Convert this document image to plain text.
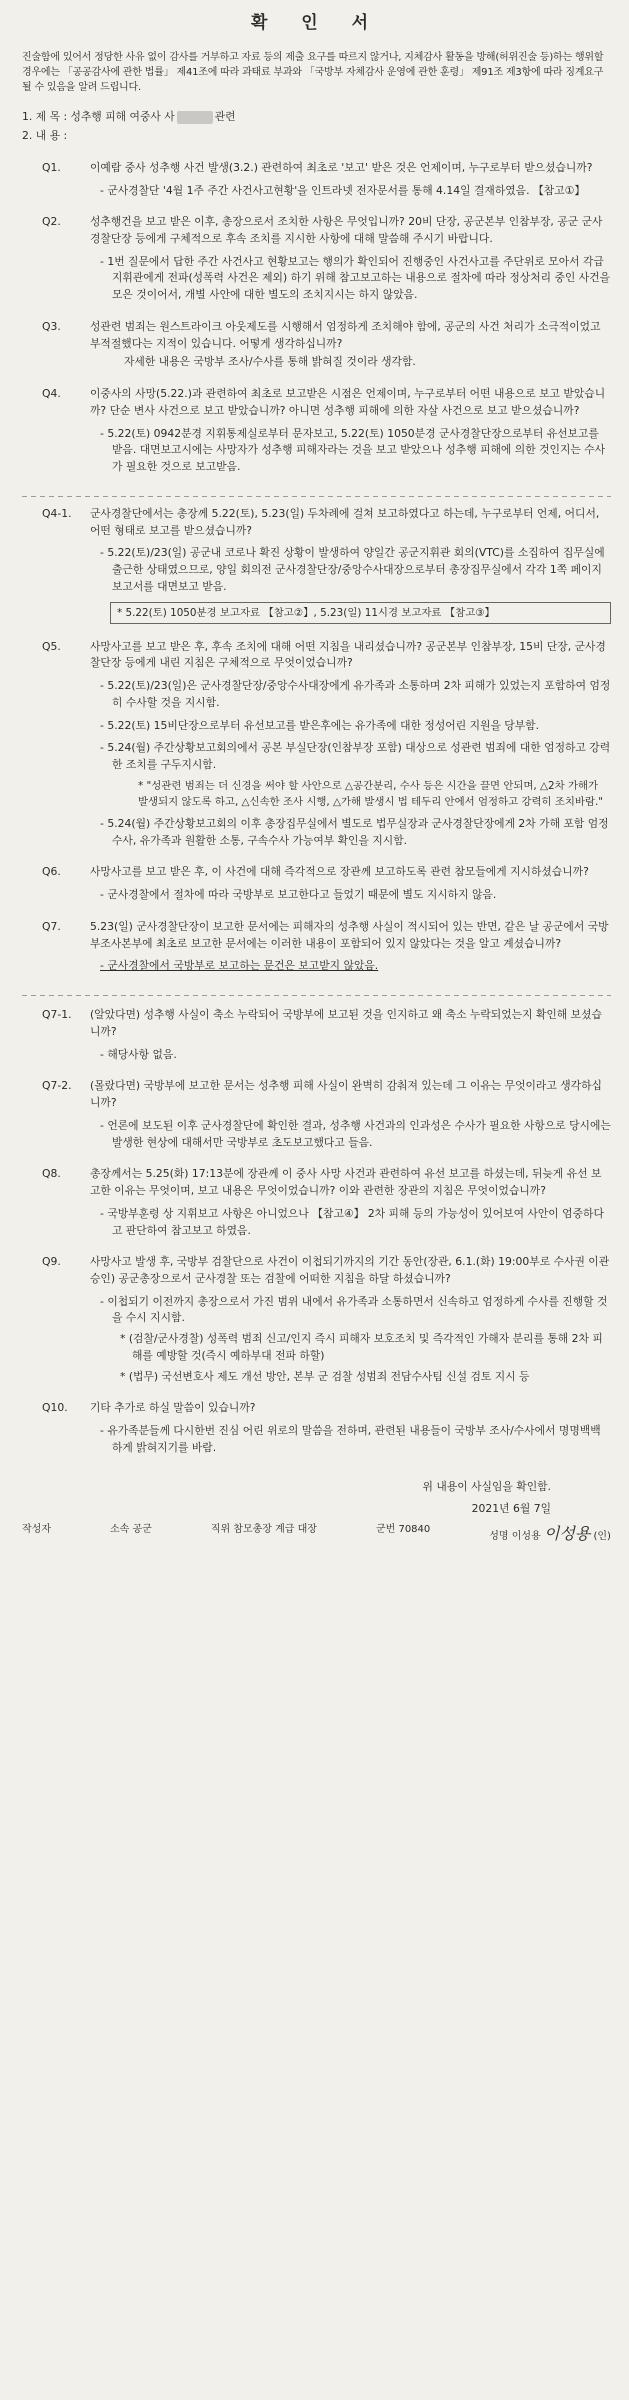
확 인 서
진술함에 있어서 정당한 사유 없이 감사를 거부하고 자료 등의 제출 요구를 따르지 않거나, 지체감사 활동을 방해(허위진술 등)하는 행위할 경우에는 「공공감사에 관한 법률」 제41조에 따라 과태료 부과와 「국방부 자체감사 운영에 관한 훈령」 제91조 제3항에 따라 징계요구될 수 있음을 알려 드립니다.
1. 제 목 : 성추행 피해 여중사 사	관련
2. 내 용 :
Q1.	이예람 중사 성추행 사건 발생(3.2.) 관련하여 최초로 '보고' 받은 것은 언제이며, 누구로부터 받으셨습니까?
- 군사경찰단 '4월 1주 주간 사건사고현황'을 인트라넷 전자문서를 통해 4.14일 결재하였음. 【참고①】
Q2.	성추행건을 보고 받은 이후, 총장으로서 조치한 사항은 무엇입니까? 20비 단장, 공군본부 인참부장, 공군 군사경찰단장 등에게 구체적으로 후속 조치를 지시한 사항에 대해 말씀해 주시기 바랍니다.
- 1번 질문에서 답한 주간 사건사고 현황보고는 행의가 확인되어 진행중인 사건사고를 주단위로 모아서 각급지휘관에게 전파(성폭력 사건은 제외) 하기 위해 참고보고하는 내용으로 절차에 따라 정상처리 중인 사건을 모은 것이어서, 개별 사안에 대한 별도의 조치지시는 하지 않았음.
Q3.	성관련 범죄는 원스트라이크 아웃제도를 시행해서 엄정하게 조치해야 함에, 공군의 사건 처리가 소극적이었고 부적절했다는 지적이 있습니다. 어떻게 생각하십니까?
자세한 내용은 국방부 조사/수사를 통해 밝혀질 것이라 생각함.
Q4.	이중사의 사망(5.22.)과 관련하여 최초로 보고받은 시점은 언제이며, 누구로부터 어떤 내용으로 보고 받았습니까? 단순 변사 사건으로 보고 받았습니까? 아니면 성추행 피해에 의한 자살 사건으로 보고 받으셨습니까?
- 5.22(토) 0942분경 지휘통제실로부터 문자보고, 5.22(토) 1050분경 군사경찰단장으로부터 유선보고를 받음. 대면보고시에는 사망자가 성추행 피해자라는 것을 보고 받았으나 성추행 피해에 의한 것인지는 수사가 필요한 것으로 보고받음.
Q4-1.	군사경찰단에서는 총장께 5.22(토), 5.23(일) 두차례에 걸쳐 보고하였다고 하는데, 누구로부터 언제, 어디서, 어떤 형태로 보고를 받으셨습니까?
- 5.22(토)/23(일) 공군내 코로나 확진 상황이 발생하여 양일간 공군지휘관 회의(VTC)를 소집하여 집무실에 출근한 상태였으므로, 양일 회의전 군사경찰단장/중앙수사대장으로부터 총장집무실에서 각각 1쪽 페이지 보고서를 대면보고 받음.
* 5.22(토) 1050분경 보고자료 【참고②】, 5.23(일) 11시경 보고자료 【참고③】
Q5.	사망사고를 보고 받은 후, 후속 조치에 대해 어떤 지침을 내리셨습니까? 공군본부 인참부장, 15비 단장, 군사경찰단장 등에게 내린 지침은 구체적으로 무엇이었습니까?
- 5.22(토)/23(일)은 군사경찰단장/중앙수사대장에게 유가족과 소통하며 2차 피해가 있었는지 포함하여 엄정히 수사할 것을 지시함.
- 5.22(토) 15비단장으로부터 유선보고를 받은후에는 유가족에 대한 정성어린 지원을 당부함.
- 5.24(월) 주간상황보고회의에서 공본 부실단장(인참부장 포함) 대상으로 성관련 범죄에 대한 엄정하고 강력한 조치를 구두지시함.
* "성관련 범죄는 더 신경을 써야 할 사안으로 △공간분리, 수사 등은 시간을 끌면 안되며, △2차 가해가 발생되지 않도록 하고, △신속한 조사 시행, △가해 발생시 법 테두리 안에서 엄정하고 강력히 조치바람."
- 5.24(월) 주간상황보고회의 이후 총장집무실에서 별도로 법무실장과 군사경찰단장에게 2차 가해 포함 엄정수사, 유가족과 원활한 소통, 구속수사 가능여부 확인을 지시함.
Q6.	사망사고를 보고 받은 후, 이 사건에 대해 즉각적으로 장관께 보고하도록 관련 참모들에게 지시하셨습니까?
- 군사경찰에서 절차에 따라 국방부로 보고한다고 들었기 때문에 별도 지시하지 않음.
Q7.	5.23(일) 군사경찰단장이 보고한 문서에는 피해자의 성추행 사실이 적시되어 있는 반면, 같은 날 공군에서 국방부조사본부에 최초로 보고한 문서에는 이러한 내용이 포함되어 있지 않았다는 것을 알고 계셨습니까?
- 군사경찰에서 국방부로 보고하는 문건은 보고받지 않았음.
Q7-1.	(알았다면) 성추행 사실이 축소 누락되어 국방부에 보고된 것을 인지하고 왜 축소 누락되었는지 확인해 보셨습니까?
- 해당사항 없음.
Q7-2.	(몰랐다면) 국방부에 보고한 문서는 성추행 피해 사실이 완벽히 감춰져 있는데 그 이유는 무엇이라고 생각하십니까?
- 언론에 보도된 이후 군사경찰단에 확인한 결과, 성추행 사건과의 인과성은 수사가 필요한 사항으로 당시에는 발생한 현상에 대해서만 국방부로 초도보고했다고 들음.
Q8.	총장께서는 5.25(화) 17:13분에 장관께 이 중사 사망 사건과 관련하여 유선 보고를 하셨는데, 뒤늦게 유선 보고한 이유는 무엇이며, 보고 내용은 무엇이었습니까? 이와 관련한 장관의 지침은 무엇이었습니까?
- 국방부훈령 상 지휘보고 사항은 아니었으나 【참고④】 2차 피해 등의 가능성이 있어보여 사안이 엄중하다고 판단하여 참고보고 하였음.
Q9.	사망사고 발생 후, 국방부 검찰단으로 사건이 이첩되기까지의 기간 동안(장관, 6.1.(화) 19:00부로 수사권 이관 승인) 공군총장으로서 군사경찰 또는 검찰에 어떠한 지침을 하달 하셨습니까?
- 이첩되기 이전까지 총장으로서 가진 범위 내에서 유가족과 소통하면서 신속하고 엄정하게 수사를 진행할 것을 수시 지시함.
* (검찰/군사경찰) 성폭력 범죄 신고/인지 즉시 피해자 보호조치 및 즉각적인 가해자 분리를 통해 2차 피해를 예방할 것(즉시 예하부대 전파 하할)
* (법무) 국선변호사 제도 개선 방안, 본부 군 검찰 성범죄 전담수사팀 신설 검토 지시 등
Q10.	기타 추가로 하실 말씀이 있습니까?
- 유가족분들께 다시한번 진심 어린 위로의 말씀을 전하며, 관련된 내용들이 국방부 조사/수사에서 명명백백하게 밝혀지기를 바람.
위 내용이 사실임을 확인함.
2021년 6월 7일
작성자	소속 공군	직위 참모총장 계급 대장	군번 70840
성명 이성용 이성용 (인)
